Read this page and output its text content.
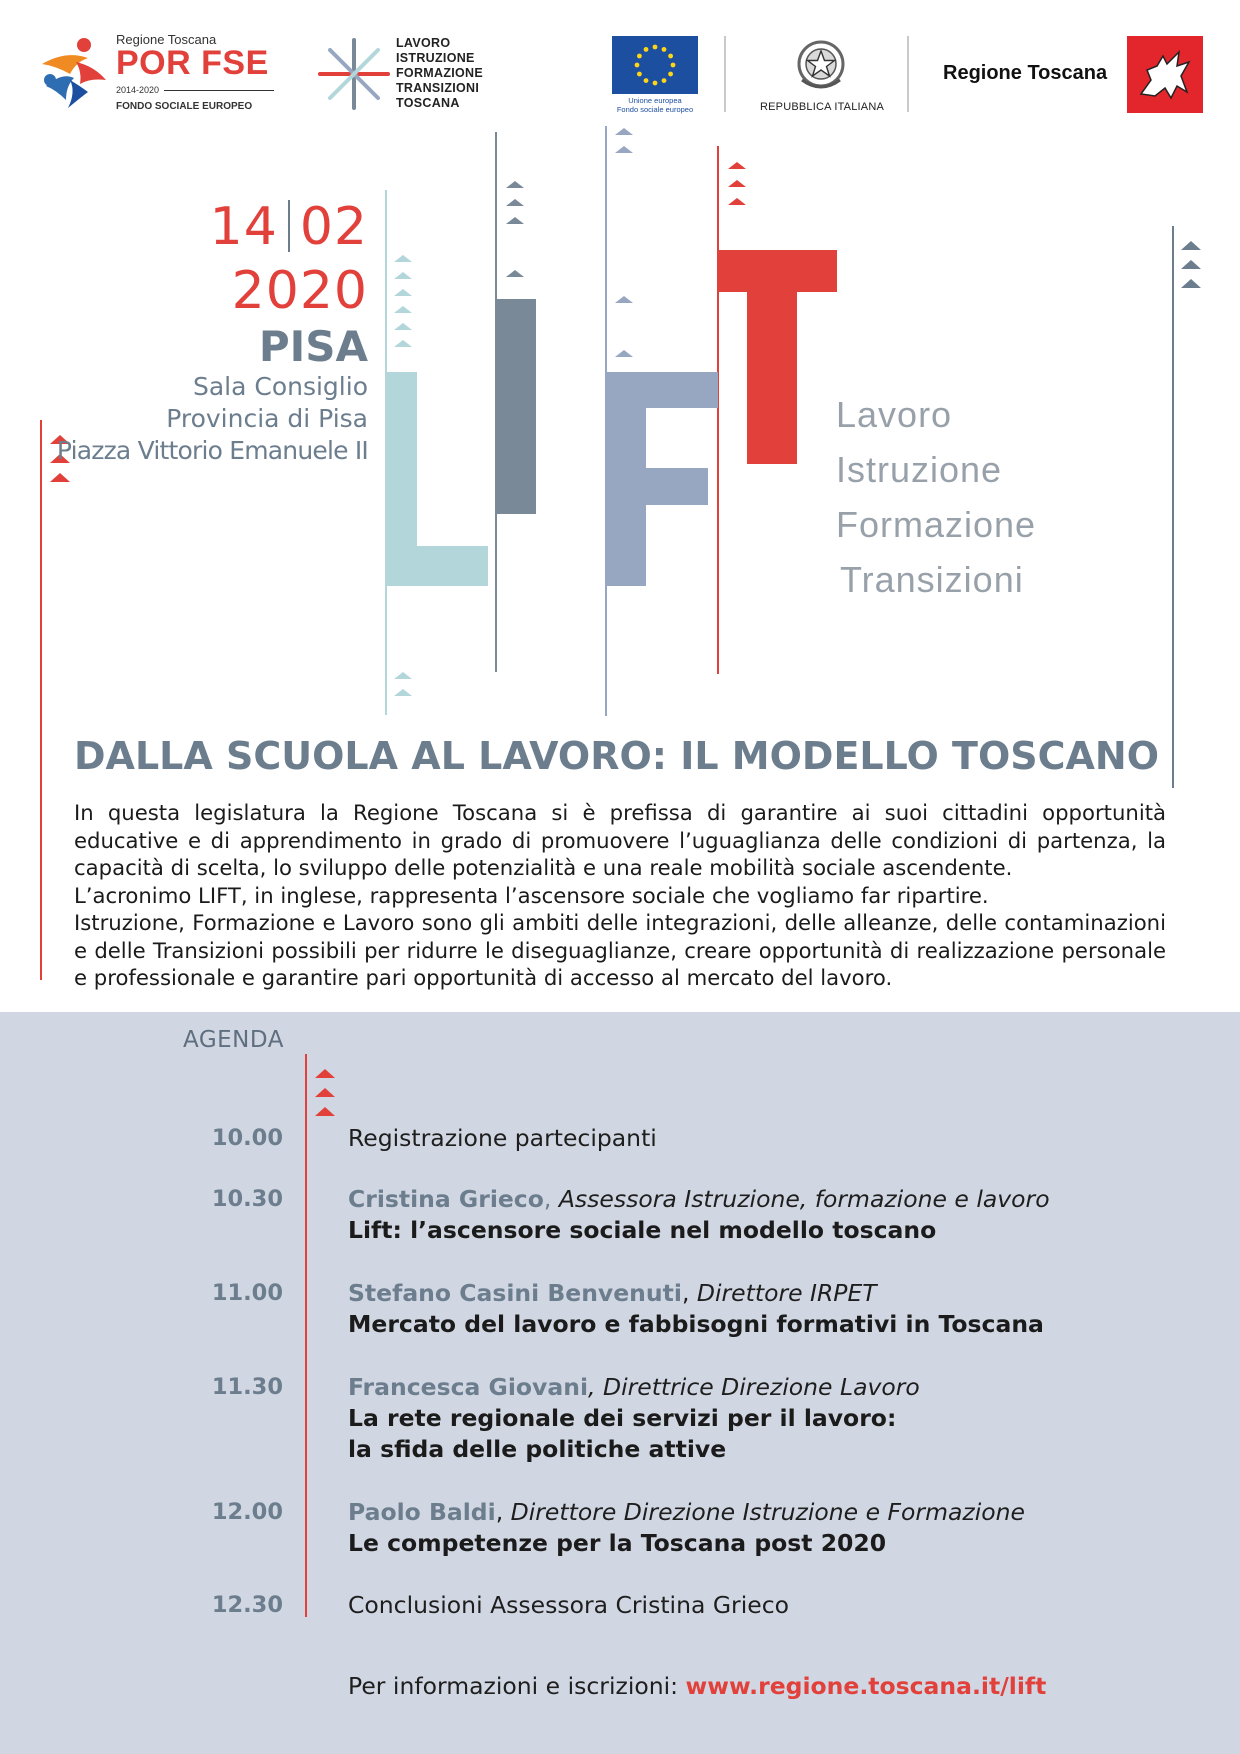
Regione Toscana
POR FSE
2014-2020
FONDO SOCIALE EUROPEO
LAVORO
ISTRUZIONE
FORMAZIONE
TRANSIZIONI
TOSCANA	Unione europea
Fondo sociale europeo	REPUBBLICA ITALIANA
Regione Toscana
14 02
2020
PISA
Sala Consiglio
Provincia di Pisa
Piazza Vittorio Emanuele II
Lavoro
Istruzione
Formazione
Transizioni
DALLA SCUOLA AL LAVORO: IL MODELLO TOSCANO

In questa legislatura la Regione Toscana si è prefissa di garantire ai suoi cittadini opportunità educative e di apprendimento in grado di promuovere l’uguaglianza delle condizioni di partenza, la capacità di scelta, lo sviluppo delle potenzialità e una reale mobilità sociale ascendente.

L’acronimo LIFT, in inglese, rappresenta l’ascensore sociale che vogliamo far ripartire.

Istruzione, Formazione e Lavoro sono gli ambiti delle integrazioni, delle alleanze, delle contaminazioni e delle Transizioni possibili per ridurre le diseguaglianze, creare opportunità di realizzazione personale e professionale e garantire pari opportunità di accesso al mercato del lavoro.

AGENDA
10.00	Registrazione partecipanti
10.30	Cristina Grieco, Assessora Istruzione, formazione e lavoro
Lift: l’ascensore sociale nel modello toscano
11.00	Stefano Casini Benvenuti, Direttore IRPET
Mercato del lavoro e fabbisogni formativi in Toscana
11.30	Francesca Giovani, Direttrice Direzione Lavoro
La rete regionale dei servizi per il lavoro:
la sfida delle politiche attive
12.00	Paolo Baldi, Direttore Direzione Istruzione e Formazione
Le competenze per la Toscana post 2020
12.30	Conclusioni Assessora Cristina Grieco
Per informazioni e iscrizioni: www.regione.toscana.it/lift
